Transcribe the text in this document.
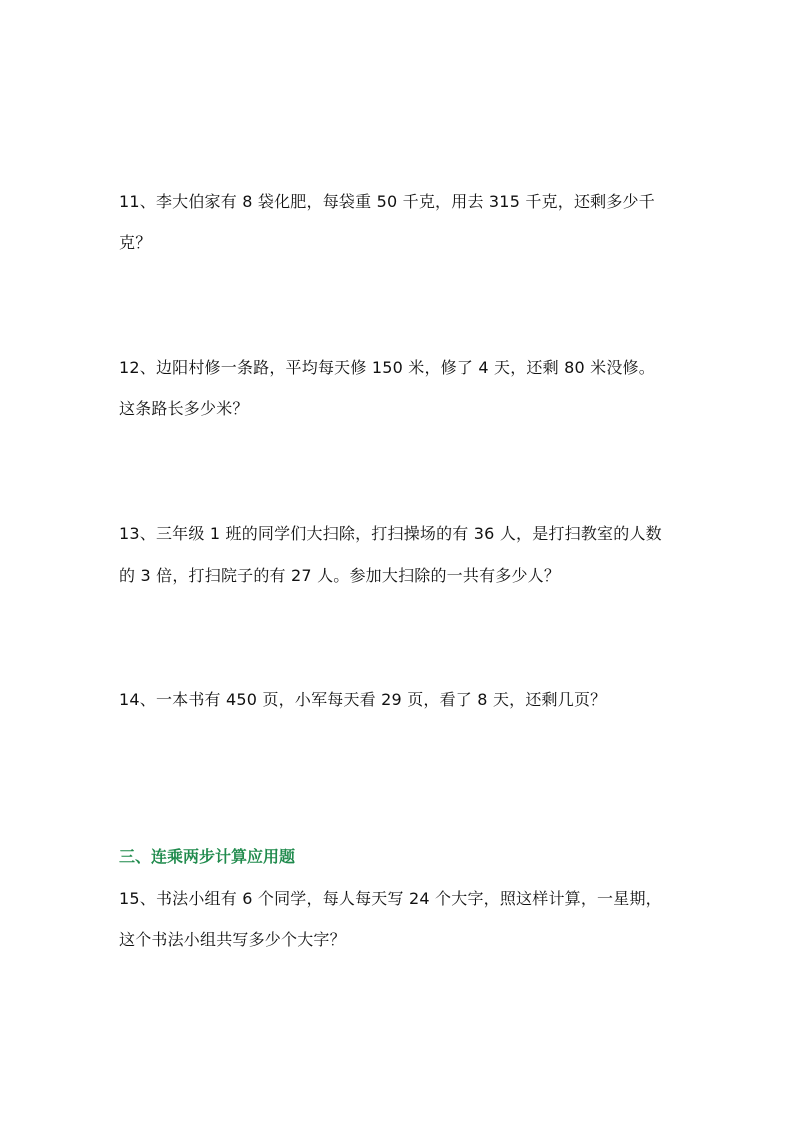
11、李大伯家有 8 袋化肥，每袋重 50 千克，用去 315 千克，还剩多少千
克？
12、边阳村修一条路，平均每天修 150 米，修了 4 天，还剩 80 米没修。
这条路长多少米？
13、三年级 1 班的同学们大扫除，打扫操场的有 36 人，是打扫教室的人数
的 3 倍，打扫院子的有 27 人。参加大扫除的一共有多少人？
14、一本书有 450 页，小军每天看 29 页，看了 8 天，还剩几页？
三、连乘两步计算应用题
15、书法小组有 6 个同学，每人每天写 24 个大字，照这样计算，一星期，
这个书法小组共写多少个大字？
